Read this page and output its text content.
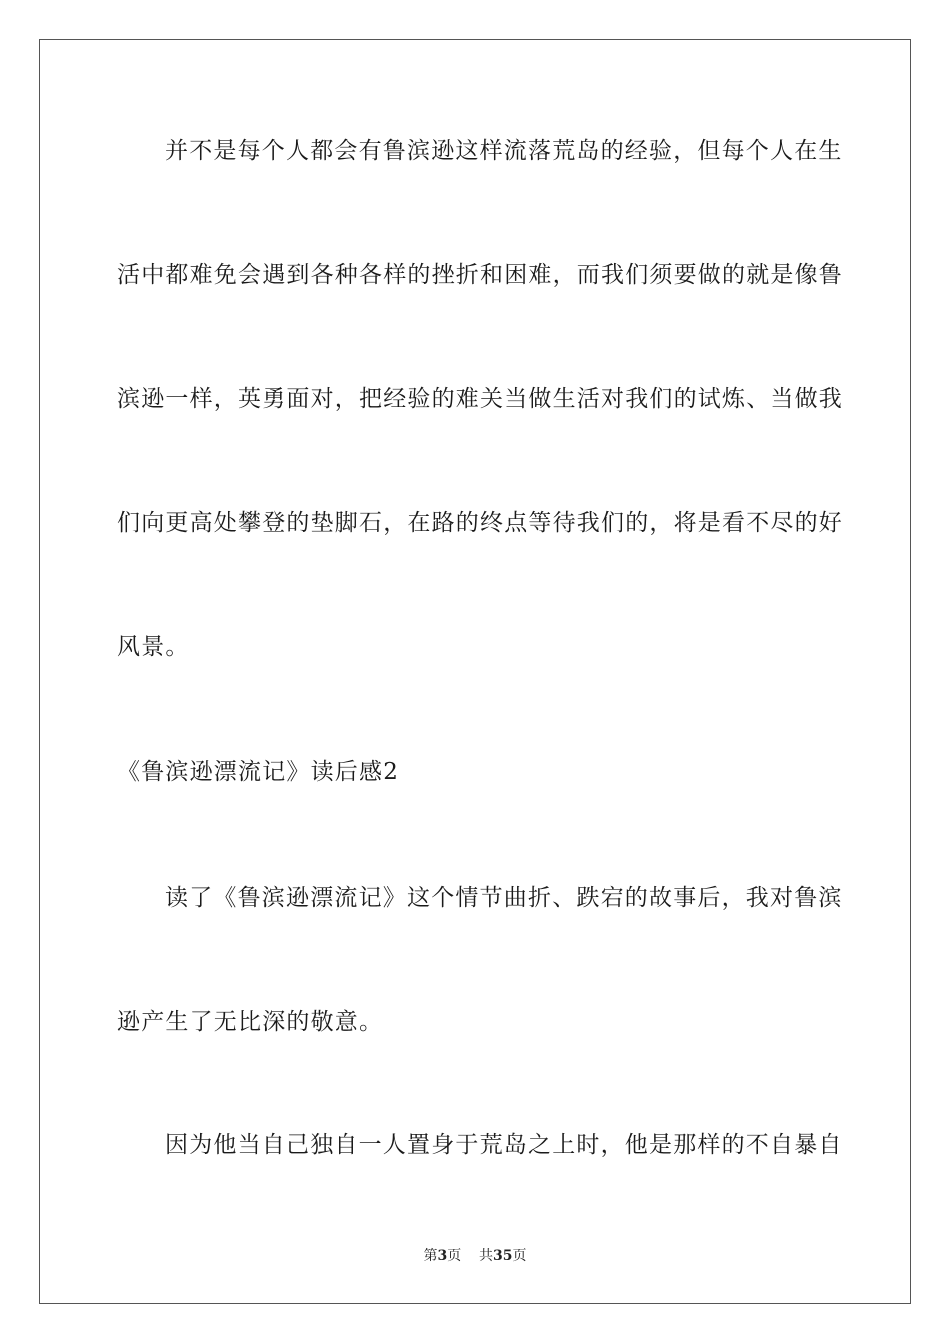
并不是每个人都会有鲁滨逊这样流落荒岛的经验，但每个人在生

活中都难免会遇到各种各样的挫折和困难，而我们须要做的就是像鲁

滨逊一样，英勇面对，把经验的难关当做生活对我们的试炼、当做我

们向更高处攀登的垫脚石，在路的终点等待我们的，将是看不尽的好

风景。

《鲁滨逊漂流记》读后感2

读了《鲁滨逊漂流记》这个情节曲折、跌宕的故事后，我对鲁滨

逊产生了无比深的敬意。

因为他当自己独自一人置身于荒岛之上时，他是那样的不自暴自

第3页    共35页
